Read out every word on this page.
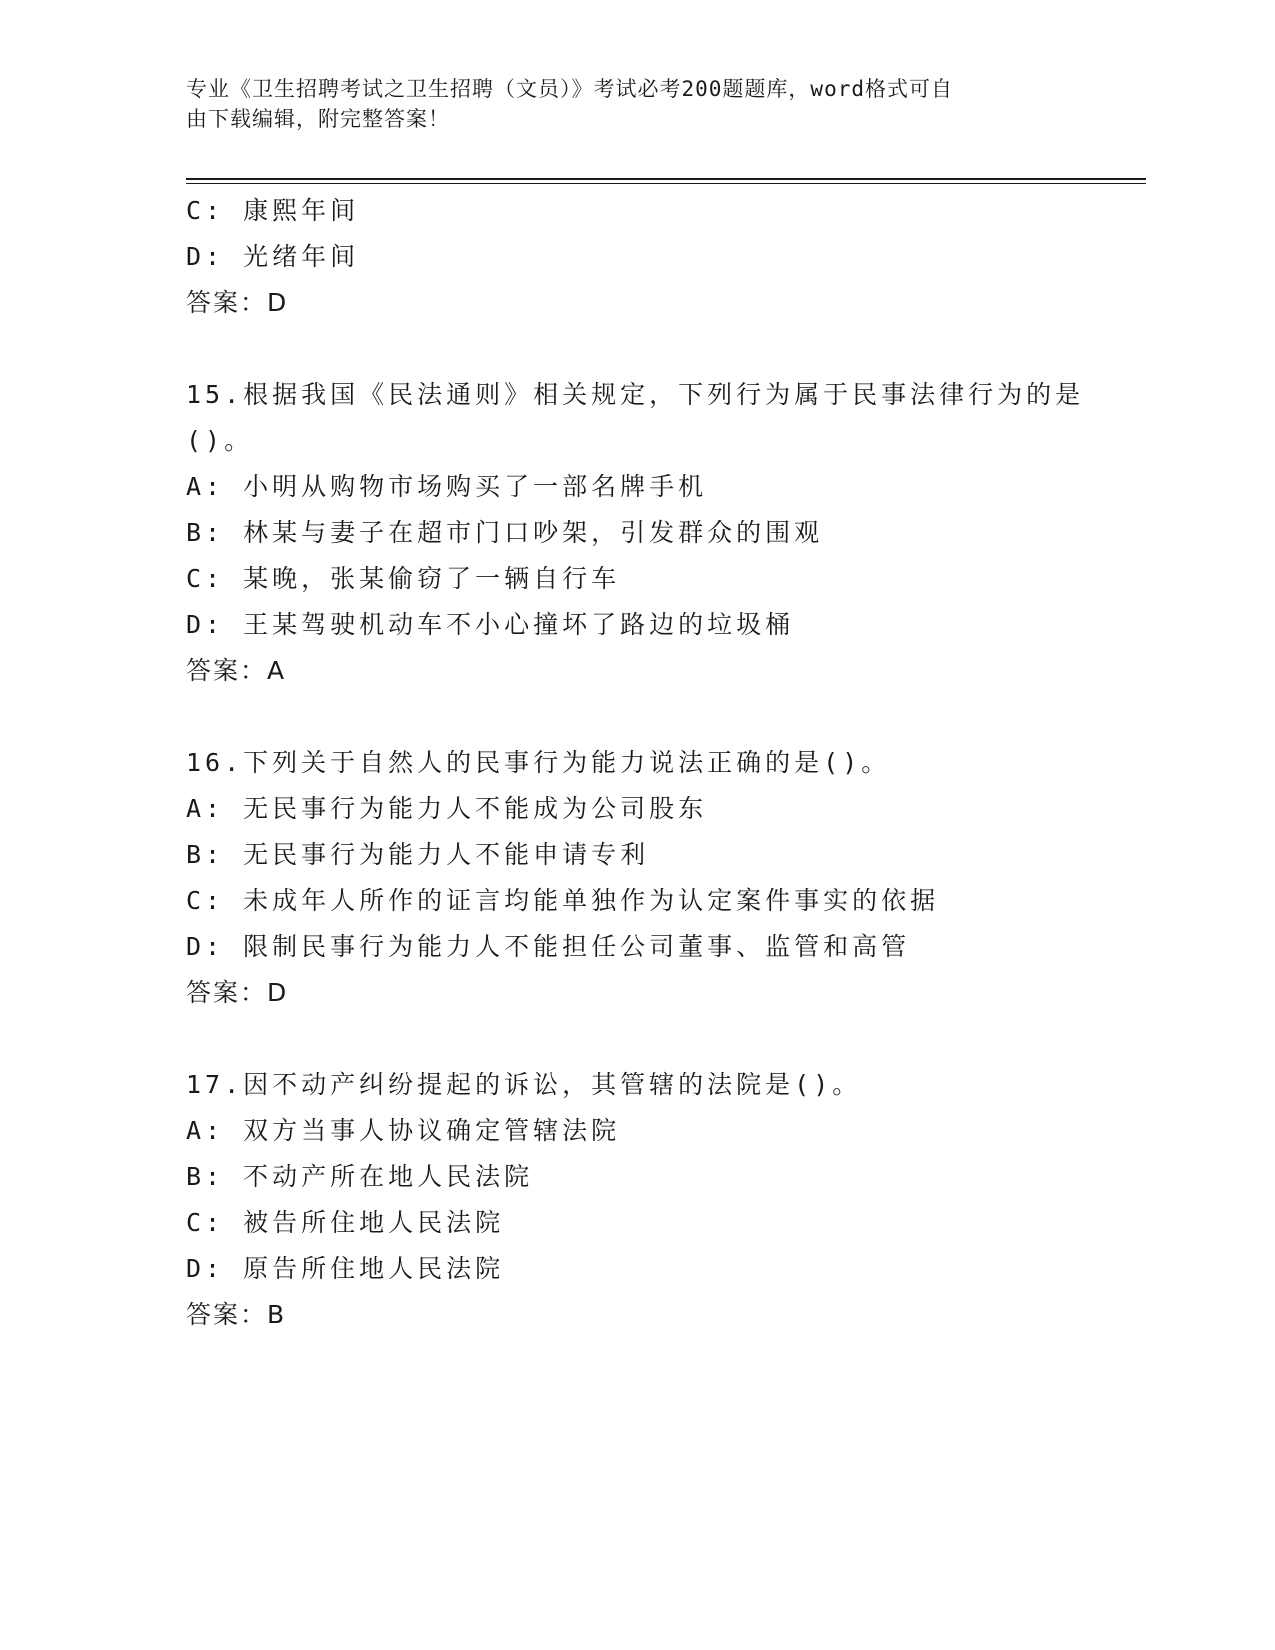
专业《卫生招聘考试之卫生招聘（文员）》考试必考200题题库，word格式可自
由下载编辑，附完整答案！
C: 康熙年间
D: 光绪年间
答案：D
15.根据我国《民法通则》相关规定，下列行为属于民事法律行为的是
()。
A: 小明从购物市场购买了一部名牌手机
B: 林某与妻子在超市门口吵架，引发群众的围观
C: 某晚，张某偷窃了一辆自行车
D: 王某驾驶机动车不小心撞坏了路边的垃圾桶
答案：A
16.下列关于自然人的民事行为能力说法正确的是()。
A: 无民事行为能力人不能成为公司股东
B: 无民事行为能力人不能申请专利
C: 未成年人所作的证言均能单独作为认定案件事实的依据
D: 限制民事行为能力人不能担任公司董事、监管和高管
答案：D
17.因不动产纠纷提起的诉讼，其管辖的法院是()。
A: 双方当事人协议确定管辖法院
B: 不动产所在地人民法院
C: 被告所住地人民法院
D: 原告所住地人民法院
答案：B
